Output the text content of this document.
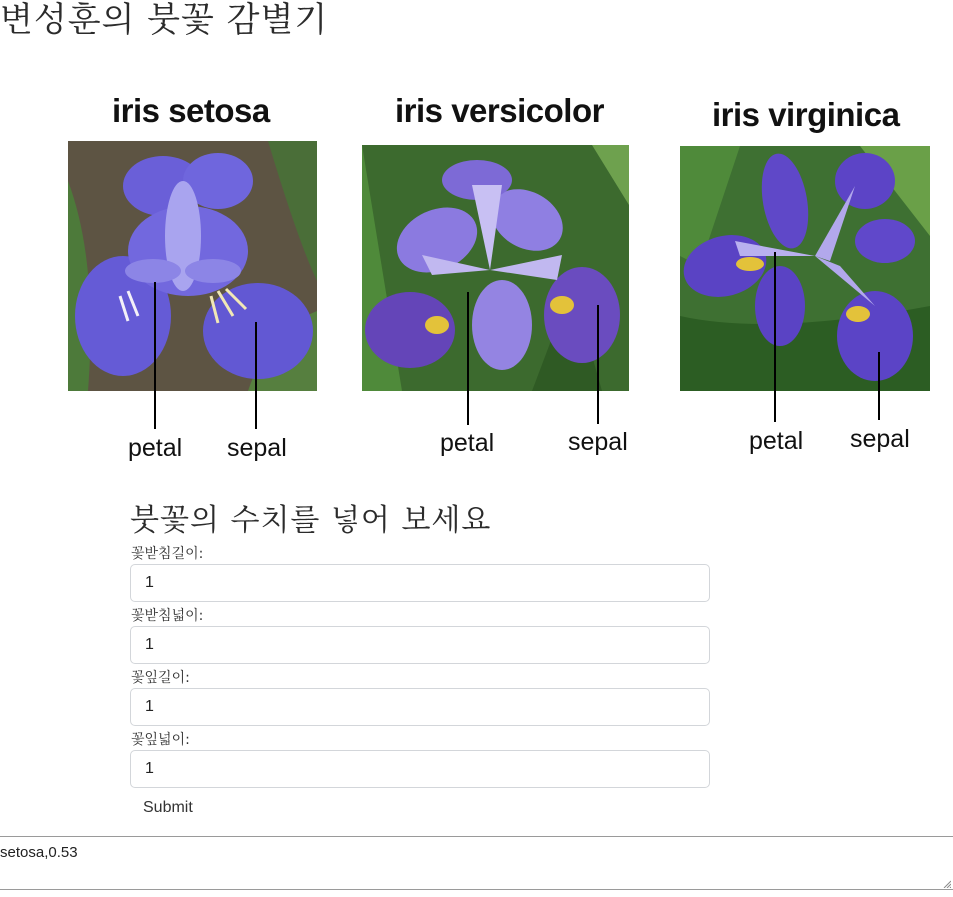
변성훈의 붓꽃 감별기
iris setosa
petal sepal
iris versicolor
petal	sepal
iris virginica
petal sepal
붓꽃의 수치를 넣어 보세요
꽃받침길이:
1
꽃받침넓이:
1
꽃잎길이:
1
꽃잎넓이:
1
Submit
setosa,0.53
